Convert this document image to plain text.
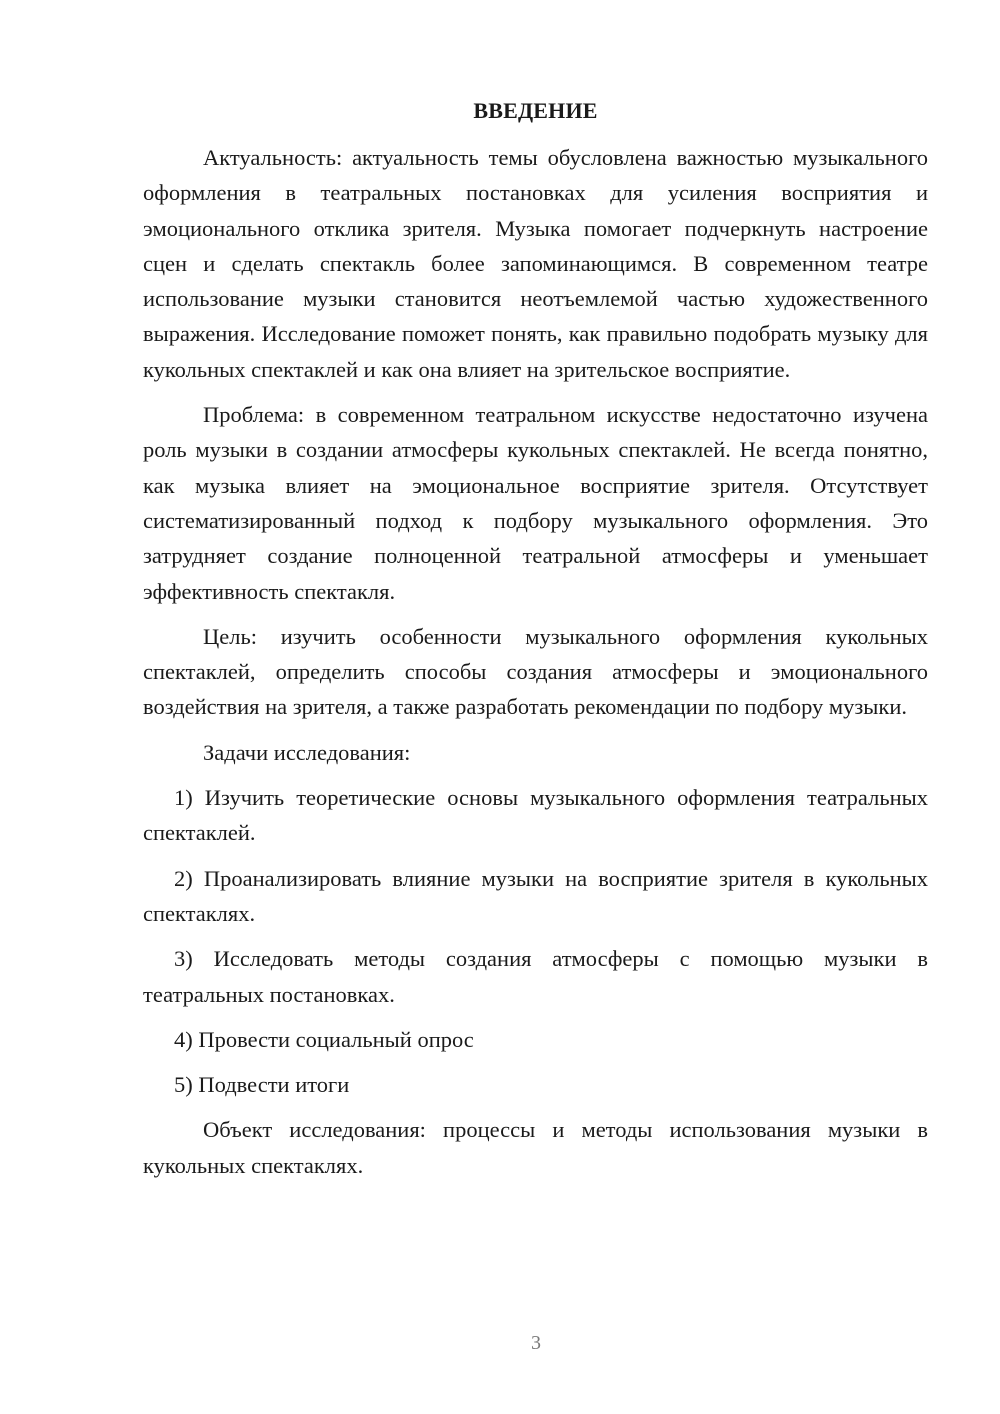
ВВЕДЕНИЕ

Актуальность: актуальность темы обусловлена важностью музыкального оформления в театральных постановках для усиления восприятия и эмоционального отклика зрителя. Музыка помогает подчеркнуть настроение сцен и сделать спектакль более запоминающимся. В современном театре использование музыки становится неотъемлемой частью художественного выражения. Исследование поможет понять, как правильно подобрать музыку для кукольных спектаклей и как она влияет на зрительское восприятие.

Проблема: в современном театральном искусстве недостаточно изучена роль музыки в создании атмосферы кукольных спектаклей. Не всегда понятно, как музыка влияет на эмоциональное восприятие зрителя. Отсутствует систематизированный подход к подбору музыкального оформления. Это затрудняет создание полноценной театральной атмосферы и уменьшает эффективность спектакля.

Цель: изучить особенности музыкального оформления кукольных спектаклей, определить способы создания атмосферы и эмоционального воздействия на зрителя, а также разработать рекомендации по подбору музыки.

Задачи исследования:

1) Изучить теоретические основы музыкального оформления театральных спектаклей.

2) Проанализировать влияние музыки на восприятие зрителя в кукольных спектаклях.

3) Исследовать методы создания атмосферы с помощью музыки в театральных постановках.

4) Провести социальный опрос

5) Подвести итоги

Объект исследования: процессы и методы использования музыки в кукольных спектаклях.

3
